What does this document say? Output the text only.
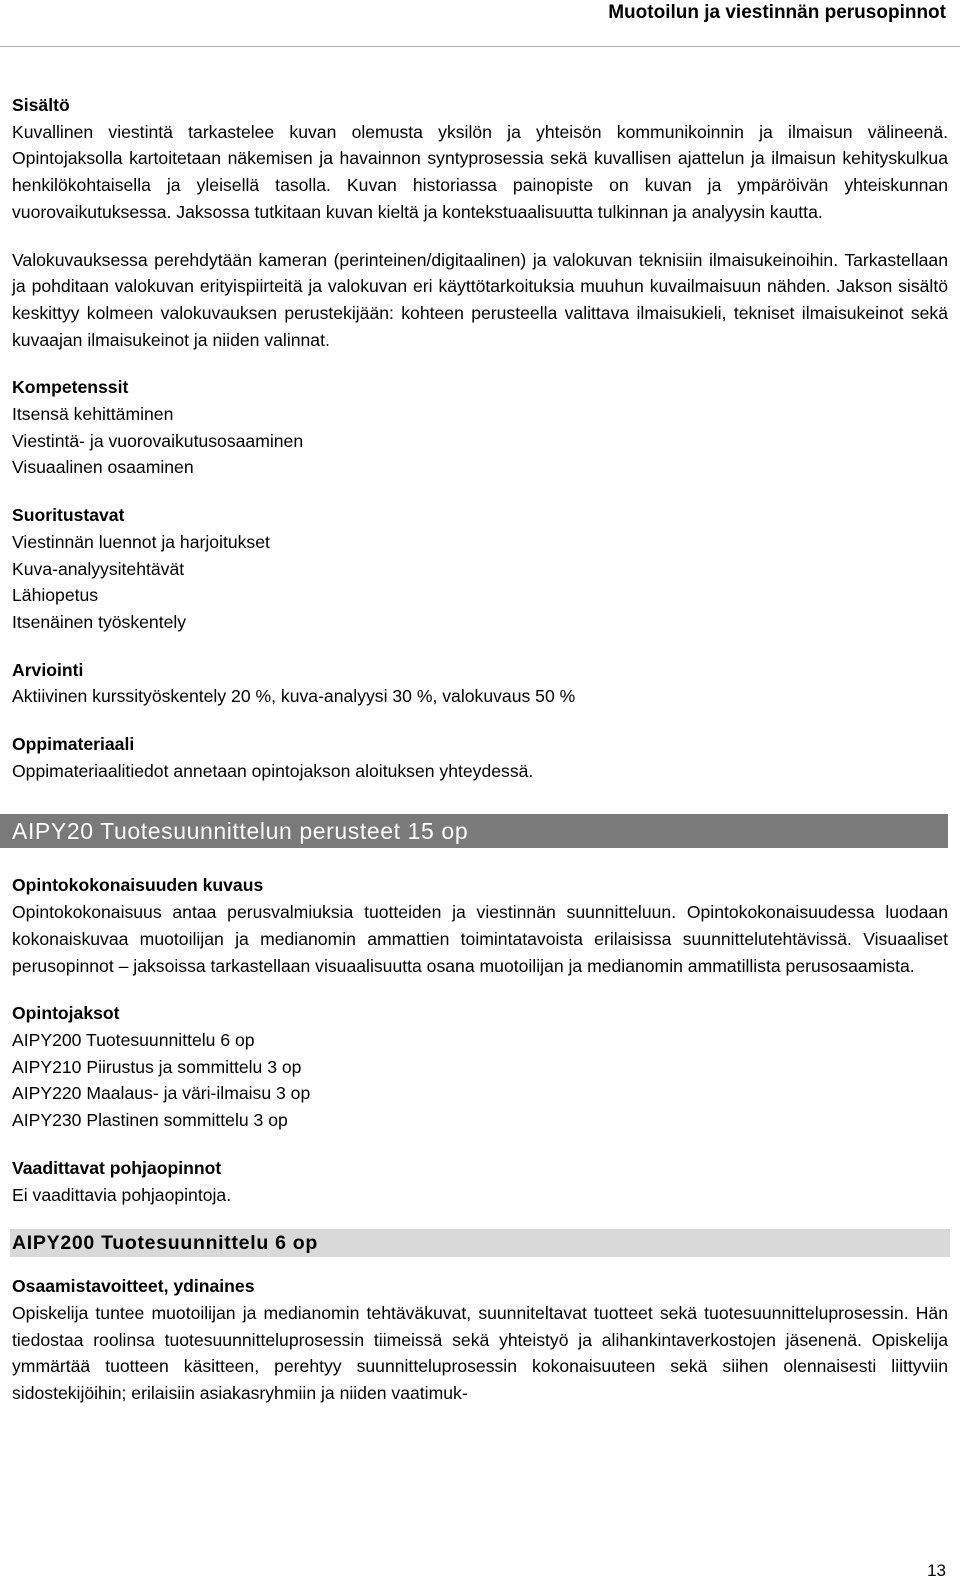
Muotoilun ja viestinnän perusopinnot
Sisältö

Kuvallinen viestintä tarkastelee kuvan olemusta yksilön ja yhteisön kommunikoinnin ja ilmaisun välineenä. Opintojaksolla kartoitetaan näkemisen ja havainnon syntyprosessia sekä kuvallisen ajattelun ja ilmaisun kehityskulkua henkilökohtaisella ja yleisellä tasolla. Kuvan historiassa painopiste on kuvan ja ympäröivän yhteiskunnan vuorovaikutuksessa. Jaksossa tutkitaan kuvan kieltä ja kontekstuaalisuutta tulkinnan ja analyysin kautta.

Valokuvauksessa perehdytään kameran (perinteinen/digitaalinen) ja valokuvan teknisiin ilmaisukeinoihin. Tarkastellaan ja pohditaan valokuvan erityispiirteitä ja valokuvan eri käyttötarkoituksia muuhun kuvailmaisuun nähden. Jakson sisältö keskittyy kolmeen valokuvauksen perustekijään: kohteen perusteella valittava ilmaisukieli, tekniset ilmaisukeinot sekä kuvaajan ilmaisukeinot ja niiden valinnat.

Kompetenssit
Itsensä kehittäminen
Viestintä- ja vuorovaikutusosaaminen
Visuaalinen osaaminen
Suoritustavat
Viestinnän luennot ja harjoitukset
Kuva-analyysitehtävät
Lähiopetus
Itsenäinen työskentely
Arviointi

Aktiivinen kurssityöskentely 20 %, kuva-analyysi 30 %, valokuvaus 50 %

Oppimateriaali

Oppimateriaalitiedot annetaan opintojakson aloituksen yhteydessä.

AIPY20 Tuotesuunnittelun perusteet 15 op
Opintokokonaisuuden kuvaus

Opintokokonaisuus antaa perusvalmiuksia tuotteiden ja viestinnän suunnitteluun. Opintokokonaisuudessa luodaan kokonaiskuvaa muotoilijan ja medianomin ammattien toimintatavoista erilaisissa suunnittelutehtävissä. Visuaaliset perusopinnot – jaksoissa tarkastellaan visuaalisuutta osana muotoilijan ja medianomin ammatillista perusosaamista.

Opintojaksot
AIPY200 Tuotesuunnittelu 6 op
AIPY210 Piirustus ja sommittelu 3 op
AIPY220 Maalaus- ja väri-ilmaisu 3 op
AIPY230 Plastinen sommittelu 3 op
Vaadittavat pohjaopinnot

Ei vaadittavia pohjaopintoja.

AIPY200 Tuotesuunnittelu 6 op
Osaamistavoitteet, ydinaines

Opiskelija tuntee muotoilijan ja medianomin tehtäväkuvat, suunniteltavat tuotteet sekä tuotesuunnitteluprosessin. Hän tiedostaa roolinsa tuotesuunnitteluprosessin tiimeissä sekä yhteistyö ja alihankintaverkostojen jäsenenä. Opiskelija ymmärtää tuotteen käsitteen, perehtyy suunnitteluprosessin kokonaisuuteen sekä siihen olennaisesti liittyviin sidostekijöihin; erilaisiin asiakasryhmiin ja niiden vaatimuk-

13
